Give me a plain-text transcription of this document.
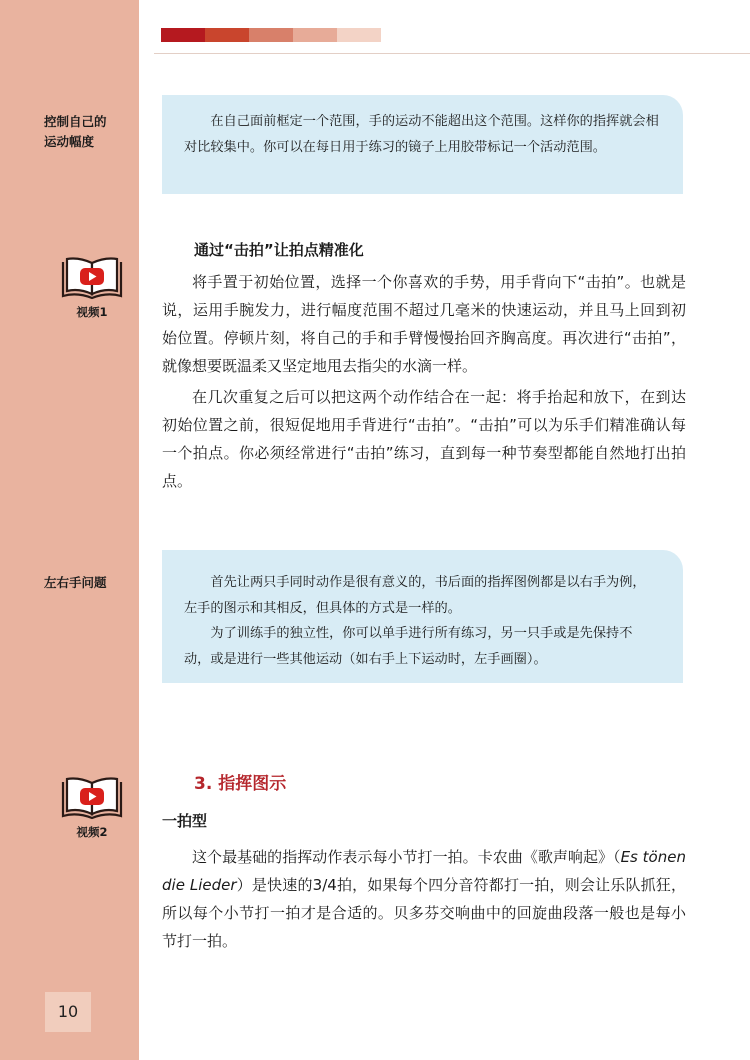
控制自己的
运动幅度
视频1
左右手问题
视频2

在自己面前框定一个范围，手的运动不能超出这个范围。这样你的指挥就会相对比较集中。你可以在每日用于练习的镜子上用胶带标记一个活动范围。

通过“击拍”让拍点精准化

将手置于初始位置，选择一个你喜欢的手势，用手背向下“击拍”。也就是说，运用手腕发力，进行幅度范围不超过几毫米的快速运动，并且马上回到初始位置。停顿片刻，将自己的手和手臂慢慢抬回齐胸高度。再次进行“击拍”，就像想要既温柔又坚定地甩去指尖的水滴一样。

在几次重复之后可以把这两个动作结合在一起：将手抬起和放下，在到达初始位置之前，很短促地用手背进行“击拍”。“击拍”可以为乐手们精准确认每一个拍点。你必须经常进行“击拍”练习，直到每一种节奏型都能自然地打出拍点。

首先让两只手同时动作是很有意义的，书后面的指挥图例都是以右手为例，左手的图示和其相反，但具体的方式是一样的。

为了训练手的独立性，你可以单手进行所有练习，另一只手或是先保持不动，或是进行一些其他运动（如右手上下运动时，左手画圈）。

3. 指挥图示
一拍型

这个最基础的指挥动作表示每小节打一拍。卡农曲《歌声响起》（Es tönen die Lieder）是快速的3/4拍，如果每个四分音符都打一拍，则会让乐队抓狂，所以每个小节打一拍才是合适的。贝多芬交响曲中的回旋曲段落一般也是每小节打一拍。

10
